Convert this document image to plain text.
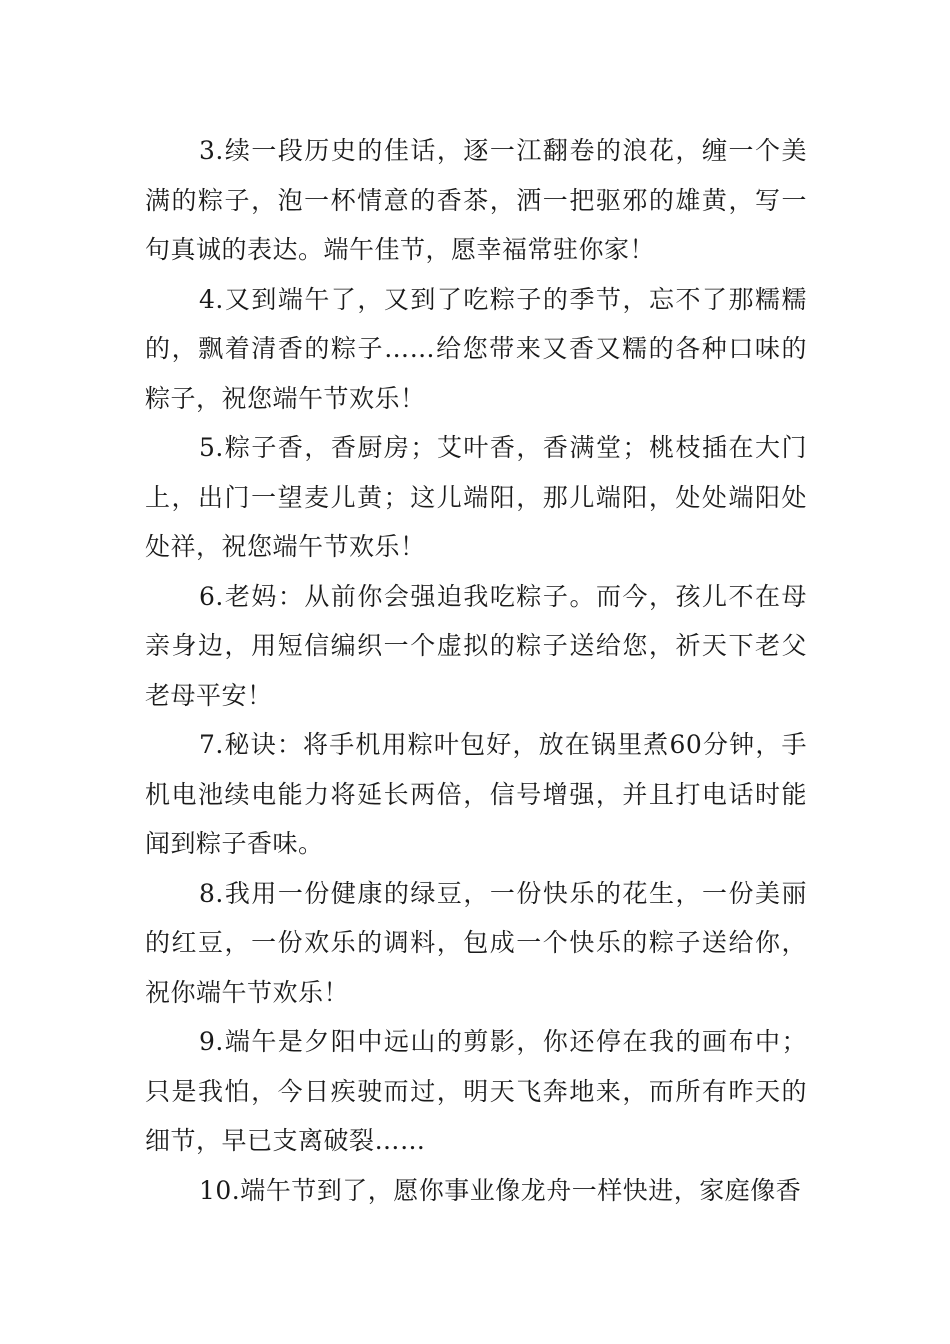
3.续一段历史的佳话，逐一江翻卷的浪花，缠一个美满的粽子，泡一杯情意的香茶，洒一把驱邪的雄黄，写一句真诚的表达。端午佳节，愿幸福常驻你家！

4.又到端午了，又到了吃粽子的季节，忘不了那糯糯的，飘着清香的粽子……给您带来又香又糯的各种口味的粽子，祝您端午节欢乐！

5.粽子香，香厨房；艾叶香，香满堂；桃枝插在大门上，出门一望麦儿黄；这儿端阳，那儿端阳，处处端阳处处祥，祝您端午节欢乐！

6.老妈：从前你会强迫我吃粽子。而今，孩儿不在母亲身边，用短信编织一个虚拟的粽子送给您，祈天下老父老母平安！

7.秘诀：将手机用粽叶包好，放在锅里煮60分钟，手机电池续电能力将延长两倍，信号增强，并且打电话时能闻到粽子香味。

8.我用一份健康的绿豆，一份快乐的花生，一份美丽的红豆，一份欢乐的调料，包成一个快乐的粽子送给你，祝你端午节欢乐！

9.端午是夕阳中远山的剪影，你还停在我的画布中；只是我怕，今日疾驶而过，明天飞奔地来，而所有昨天的细节，早已支离破裂……

10.端午节到了，愿你事业像龙舟一样快进，家庭像香
